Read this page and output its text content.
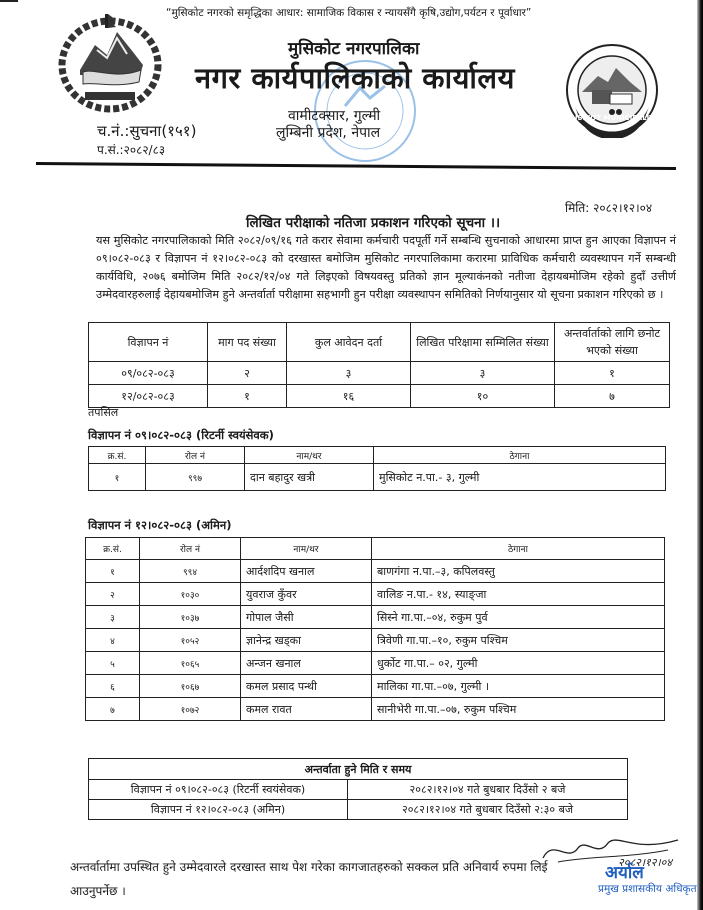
MUSIKOT MUNICIPALITY
“मुसिकोट नगरको समृद्धिका आधार: सामाजिक विकास र न्यायसँगै कृषि,उद्योग,पर्यटन र पूर्वाधार”
मुसिकोट नगरपालिका
नगर कार्यपालिकाको कार्यालय
वामीटक्सार, गुल्मी
लुम्बिनी प्रदेश, नेपाल
च.नं.:सुचना(१५१)
प.सं.:२०८२/८३
मिति: २०८२।१२।०४
लिखित परीक्षाको नतिजा प्रकाशन गरिएको सूचना ।।
यस मुसिकोट नगरपालिकाको मिति २०८२/०९/१६ गते करार सेवामा कर्मचारी पदपूर्ती गर्ने सम्बन्धि सुचनाको आधारमा प्राप्त हुन आएका विज्ञापन नं ०९।०८२-०८३ र विज्ञापन नं १२।०८२-०८३ को दरखास्त बमोजिम मुसिकोट नगरपालिकामा करारमा प्राविधिक कर्मचारी व्यवस्थापन गर्ने सम्बन्धी कार्यविधि, २०७६ बमोजिम मिति २०८२/१२/०४ गते लिइएको विषयवस्तु प्रतिको ज्ञान मूल्याकंनको नतीजा देहायबमोजिम रहेको हुदाँ उत्तीर्ण उम्मेदवारहरुलाई देहायबमोजिम हुने अन्तर्वार्ता परीक्षामा सहभागी हुन परीक्षा व्यवस्थापन समितिको निर्णयानुसार यो सूचना प्रकाशन गरिएको छ ।
विज्ञापन नं	माग पद संख्या	कुल आवेदन दर्ता	लिखित परिक्षामा सम्मिलित संख्या	अन्तर्वार्ताको लागि छनोट भएको संख्या
०९/०८२-०८३	२	३	३	१
१२/०८२-०८३	१	१६	१०	७
तपसिल
विज्ञापन नं ०९।०८२-०८३ (रिटर्नी स्वयंसेवक)
क्र.सं.	रोल नं	नाम/थर	ठेगाना
१	९९७	दान बहादुर खत्री	मुसिकोट न.पा.- ३, गुल्मी
विज्ञापन नं १२।०८२-०८३ (अमिन)
क्र.सं.	रोल नं	नाम/थर	ठेगाना
१	९९४	आर्दशदिप खनाल	बाणगंगा न.पा.–३, कपिलवस्तु
२	१०३०	युवराज कुँवर	वालिङ न.पा.- १४, स्याङ्जा
३	१०३७	गोपाल जैसी	सिस्ने गा.पा.–०४, रुकुम पुर्व
४	१०५२	ज्ञानेन्द्र खड्का	त्रिवेणी गा.पा.–१०, रुकुम पश्चिम
५	१०६५	अन्जन खनाल	धुर्कोट गा.पा.– ०२, गुल्मी
६	१०६७	कमल प्रसाद पन्थी	मालिका गा.पा.–०७, गुल्मी ।
७	१०७२	कमल रावत	सानीभेरी गा.पा.–०७, रुकुम पश्चिम
अन्तर्वाता हुने मिति र समय	
विज्ञापन नं ०९।०८२-०८३ (रिटर्नी स्वयंसेवक)	२०८२।१२।०४ गते बुधबार दिउँसो २ बजे
विज्ञापन नं १२।०८२-०८३ (अमिन)	२०८२।१२।०४ गते बुधबार दिउँसो २:३० बजे
२०८२।१२।०४
अन्तर्वार्तामा उपस्थित हुने उम्मेदवारले दरखास्त साथ पेश गरेका कागजातहरुको सक्कल प्रति अनिवार्य रुपमा लिई
आउनुपर्नेछ ।
अर्याल
प्रमुख प्रशासकीय अधिकृत
